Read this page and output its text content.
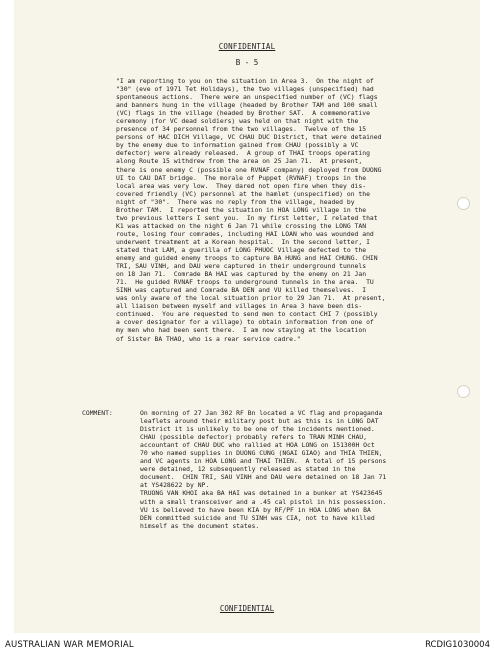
CONFIDENTIAL
B - 5
"I am reporting to you on the situation in Area 3.  On the night of
"30" (eve of 1971 Tet Holidays), the two villages (unspecified) had
spontaneous actions.  There were an unspecified number of (VC) flags
and banners hung in the village (headed by Brother TAM and 100 small
(VC) flags in the village (headed by Brother SAT.  A commemorative
ceremony (for VC dead soldiers) was held on that night with the
presence of 34 personnel from the two villages.  Twelve of the 15
persons of HAC DICH Village, VC CHAU DUC District, that were detained
by the enemy due to information gained from CHAU (possibly a VC
defector) were already released.  A group of THAI troops operating
along Route 15 withdrew from the area on 25 Jan 71.  At present,
there is one enemy C (possible one RVNAF company) deployed from DUONG
UI to CAU DAT bridge.  The morale of Puppet (RVNAF) troops in the
local area was very low.  They dared not open fire when they dis-
covered friendly (VC) personnel at the hamlet (unspecified) on the
night of "30".  There was no reply from the village, headed by
Brother TAM.  I reported the situation in HOA LONG village in the
two previous letters I sent you.  In my first letter, I related that
K1 was attacked on the night 6 Jan 71 while crossing the LONG TAN
route, losing four comrades, including HAI LOAN who was wounded and
underwent treatment at a Korean hospital.  In the second letter, I
stated that LAM, a guerilla of LONG PHUOC Village defected to the
enemy and guided enemy troops to capture BA HUNG and HAI CHUNG. CHIN
TRI, SAU VINH, and DAU were captured in their underground tunnels
on 18 Jan 71.  Comrade BA HAI was captured by the enemy on 21 Jan
71.  He guided RVNAF troops to underground tunnels in the area.  TU
SINH was captured and Comrade BA DEN and VU killed themselves.  I
was only aware of the local situation prior to 29 Jan 71.  At present,
all liaison between myself and villages in Area 3 have been dis-
continued.  You are requested to send men to contact CHI 7 (possibly
a cover designator for a village) to obtain information from one of
my men who had been sent there.  I am now staying at the location
of Sister BA THAO, who is a rear service cadre."
COMMENT:	On morning of 27 Jan 302 RF Bn located a VC flag and propaganda
leaflets around their military post but as this is in LONG DAT
District it is unlikely to be one of the incidents mentioned.
CHAU (possible defector) probably refers to TRAN MINH CHAU,
accountant of CHAU DUC who rallied at HOA LONG on 151300H Oct
70 who named supplies in DUONG CUNG (NGAI GIAO) and THIA THIEN,
and VC agents in HOA LONG and THAI THIEN.  A total of 15 persons
were detained, 12 subsequently released as stated in the
document.  CHIN TRI, SAU VINH and DAU were detained on 18 Jan 71
at YS428622 by NP.
TRUONG VAN KHOI aka BA HAI was detained in a bunker at YS423645
with a small transceiver and a .45 cal pistol in his possession.
VU is believed to have been KIA by RF/PF in HOA LONG when BA
DEN committed suicide and TU SINH was CIA, not to have killed
himself as the document states.
CONFIDENTIAL
AUSTRALIAN WAR MEMORIAL	RCDIG1030004
